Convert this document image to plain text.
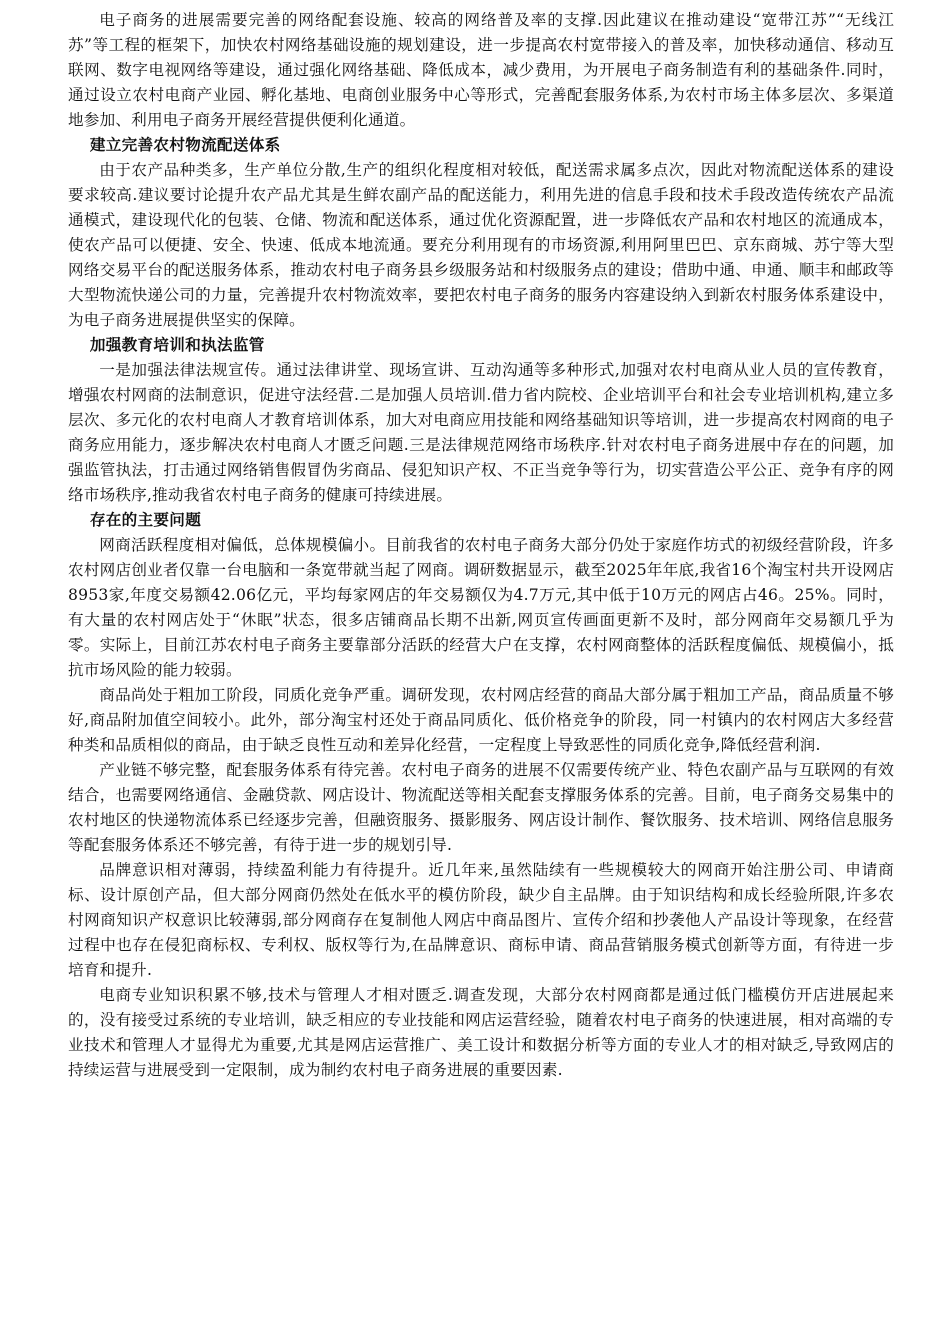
电子商务的进展需要完善的网络配套设施、较高的网络普及率的支撑.因此建议在推动建设“宽带江苏”“无线江苏”等工程的框架下，加快农村网络基础设施的规划建设，进一步提高农村宽带接入的普及率，加快移动通信、移动互联网、数字电视网络等建设，通过强化网络基础、降低成本，减少费用，为开展电子商务制造有利的基础条件.同时，通过设立农村电商产业园、孵化基地、电商创业服务中心等形式，完善配套服务体系,为农村市场主体多层次、多渠道地参加、利用电子商务开展经营提供便利化通道。

建立完善农村物流配送体系

由于农产品种类多，生产单位分散,生产的组织化程度相对较低，配送需求属多点次，因此对物流配送体系的建设要求较高.建议要讨论提升农产品尤其是生鲜农副产品的配送能力，利用先进的信息手段和技术手段改造传统农产品流通模式，建设现代化的包装、仓储、物流和配送体系，通过优化资源配置，进一步降低农产品和农村地区的流通成本，使农产品可以便捷、安全、快速、低成本地流通。要充分利用现有的市场资源,利用阿里巴巴、京东商城、苏宁等大型网络交易平台的配送服务体系，推动农村电子商务县乡级服务站和村级服务点的建设；借助中通、申通、顺丰和邮政等大型物流快递公司的力量，完善提升农村物流效率，要把农村电子商务的服务内容建设纳入到新农村服务体系建设中，为电子商务进展提供坚实的保障。

加强教育培训和执法监管

一是加强法律法规宣传。通过法律讲堂、现场宣讲、互动沟通等多种形式,加强对农村电商从业人员的宣传教育，增强农村网商的法制意识，促进守法经营.二是加强人员培训.借力省内院校、企业培训平台和社会专业培训机构,建立多层次、多元化的农村电商人才教育培训体系，加大对电商应用技能和网络基础知识等培训，进一步提高农村网商的电子商务应用能力，逐步解决农村电商人才匮乏问题.三是法律规范网络市场秩序.针对农村电子商务进展中存在的问题，加强监管执法，打击通过网络销售假冒伪劣商品、侵犯知识产权、不正当竞争等行为，切实营造公平公正、竞争有序的网络市场秩序,推动我省农村电子商务的健康可持续进展。

存在的主要问题

网商活跃程度相对偏低，总体规模偏小。目前我省的农村电子商务大部分仍处于家庭作坊式的初级经营阶段，许多农村网店创业者仅靠一台电脑和一条宽带就当起了网商。调研数据显示，截至2025年年底,我省16个淘宝村共开设网店8953家,年度交易额42.06亿元，平均每家网店的年交易额仅为4.7万元,其中低于10万元的网店占46。25%。同时，有大量的农村网店处于“休眠”状态，很多店铺商品长期不出新,网页宣传画面更新不及时，部分网商年交易额几乎为零。实际上，目前江苏农村电子商务主要靠部分活跃的经营大户在支撑，农村网商整体的活跃程度偏低、规模偏小，抵抗市场风险的能力较弱。

商品尚处于粗加工阶段，同质化竞争严重。调研发现，农村网店经营的商品大部分属于粗加工产品，商品质量不够好,商品附加值空间较小。此外，部分淘宝村还处于商品同质化、低价格竞争的阶段，同一村镇内的农村网店大多经营种类和品质相似的商品，由于缺乏良性互动和差异化经营，一定程度上导致恶性的同质化竞争,降低经营利润.

产业链不够完整，配套服务体系有待完善。农村电子商务的进展不仅需要传统产业、特色农副产品与互联网的有效结合，也需要网络通信、金融贷款、网店设计、物流配送等相关配套支撑服务体系的完善。目前，电子商务交易集中的农村地区的快递物流体系已经逐步完善，但融资服务、摄影服务、网店设计制作、餐饮服务、技术培训、网络信息服务等配套服务体系还不够完善，有待于进一步的规划引导.

品牌意识相对薄弱，持续盈利能力有待提升。近几年来,虽然陆续有一些规模较大的网商开始注册公司、申请商标、设计原创产品，但大部分网商仍然处在低水平的模仿阶段，缺少自主品牌。由于知识结构和成长经验所限,许多农村网商知识产权意识比较薄弱,部分网商存在复制他人网店中商品图片、宣传介绍和抄袭他人产品设计等现象，在经营过程中也存在侵犯商标权、专利权、版权等行为,在品牌意识、商标申请、商品营销服务模式创新等方面，有待进一步培育和提升.

电商专业知识积累不够,技术与管理人才相对匮乏.调查发现，大部分农村网商都是通过低门槛模仿开店进展起来的，没有接受过系统的专业培训，缺乏相应的专业技能和网店运营经验，随着农村电子商务的快速进展，相对高端的专业技术和管理人才显得尤为重要,尤其是网店运营推广、美工设计和数据分析等方面的专业人才的相对缺乏,导致网店的持续运营与进展受到一定限制，成为制约农村电子商务进展的重要因素.
